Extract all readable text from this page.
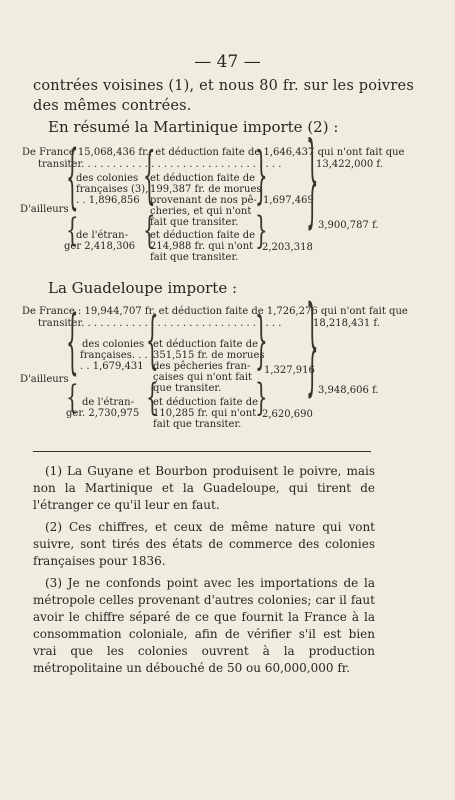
— 47 —
contrées voisines (1), et nous 80 fr. sur les poivres
des mêmes contrées.
En résumé la Martinique importe (2) :
De France 15,068,436 fr., et déduction faite de 1,646,437 qui n'ont fait que
transiter. . . . . . . . . . . . . . . . . . . . . . . . . . . . . . . .	13,422,000 f.
D'ailleurs
{
des colonies
françaises (3),
. . 1,896,856 {
et déduction faite de
199,387 fr. de morues
provenant de nos pê-
cheries, et qui n'ont
fait que transiter.
}
1,697,469
} 3,900,787 f.
{
de l'étran-
ger 2,418,306 {
et déduction faite de
214,988 fr. qui n'ont
fait que transiter.
}
2,203,318
La Guadeloupe importe :
De France : 19,944,707 fr. et déduction faite de 1,726,276 qui n'ont fait que
transiter. . . . . . . . . . . . . . . . . . . . . . . . . . . . . . . .	18,218,431 f.
D'ailleurs
{ des colonies
françaises. . .
. . 1,679,431 {
et déduction faite de
351,515 fr. de morues
des pêcheries fran-
çaises qui n'ont fait
que transiter.
}
1,327,916
} 3,948,606 f.
{ de l'étran-
ger. 2,730,975 {
et déduction faite de
110,285 fr. qui n'ont
fait que transiter.
}
2,620,690

(1) La Guyane et Bourbon produisent le poivre, mais non la Martinique et la Guadeloupe, qui tirent de l'étranger ce qu'il leur en faut.

(2) Ces chiffres, et ceux de même nature qui vont suivre, sont tirés des états de commerce des colonies françaises pour 1836.

(3) Je ne confonds point avec les importations de la métropole celles provenant d'autres colonies; car il faut avoir le chiffre séparé de ce que fournit la France à la consommation coloniale, afin de vérifier s'il est bien vrai que les colonies ouvrent à la production métropolitaine un débouché de 50 ou 60,000,000 fr.
